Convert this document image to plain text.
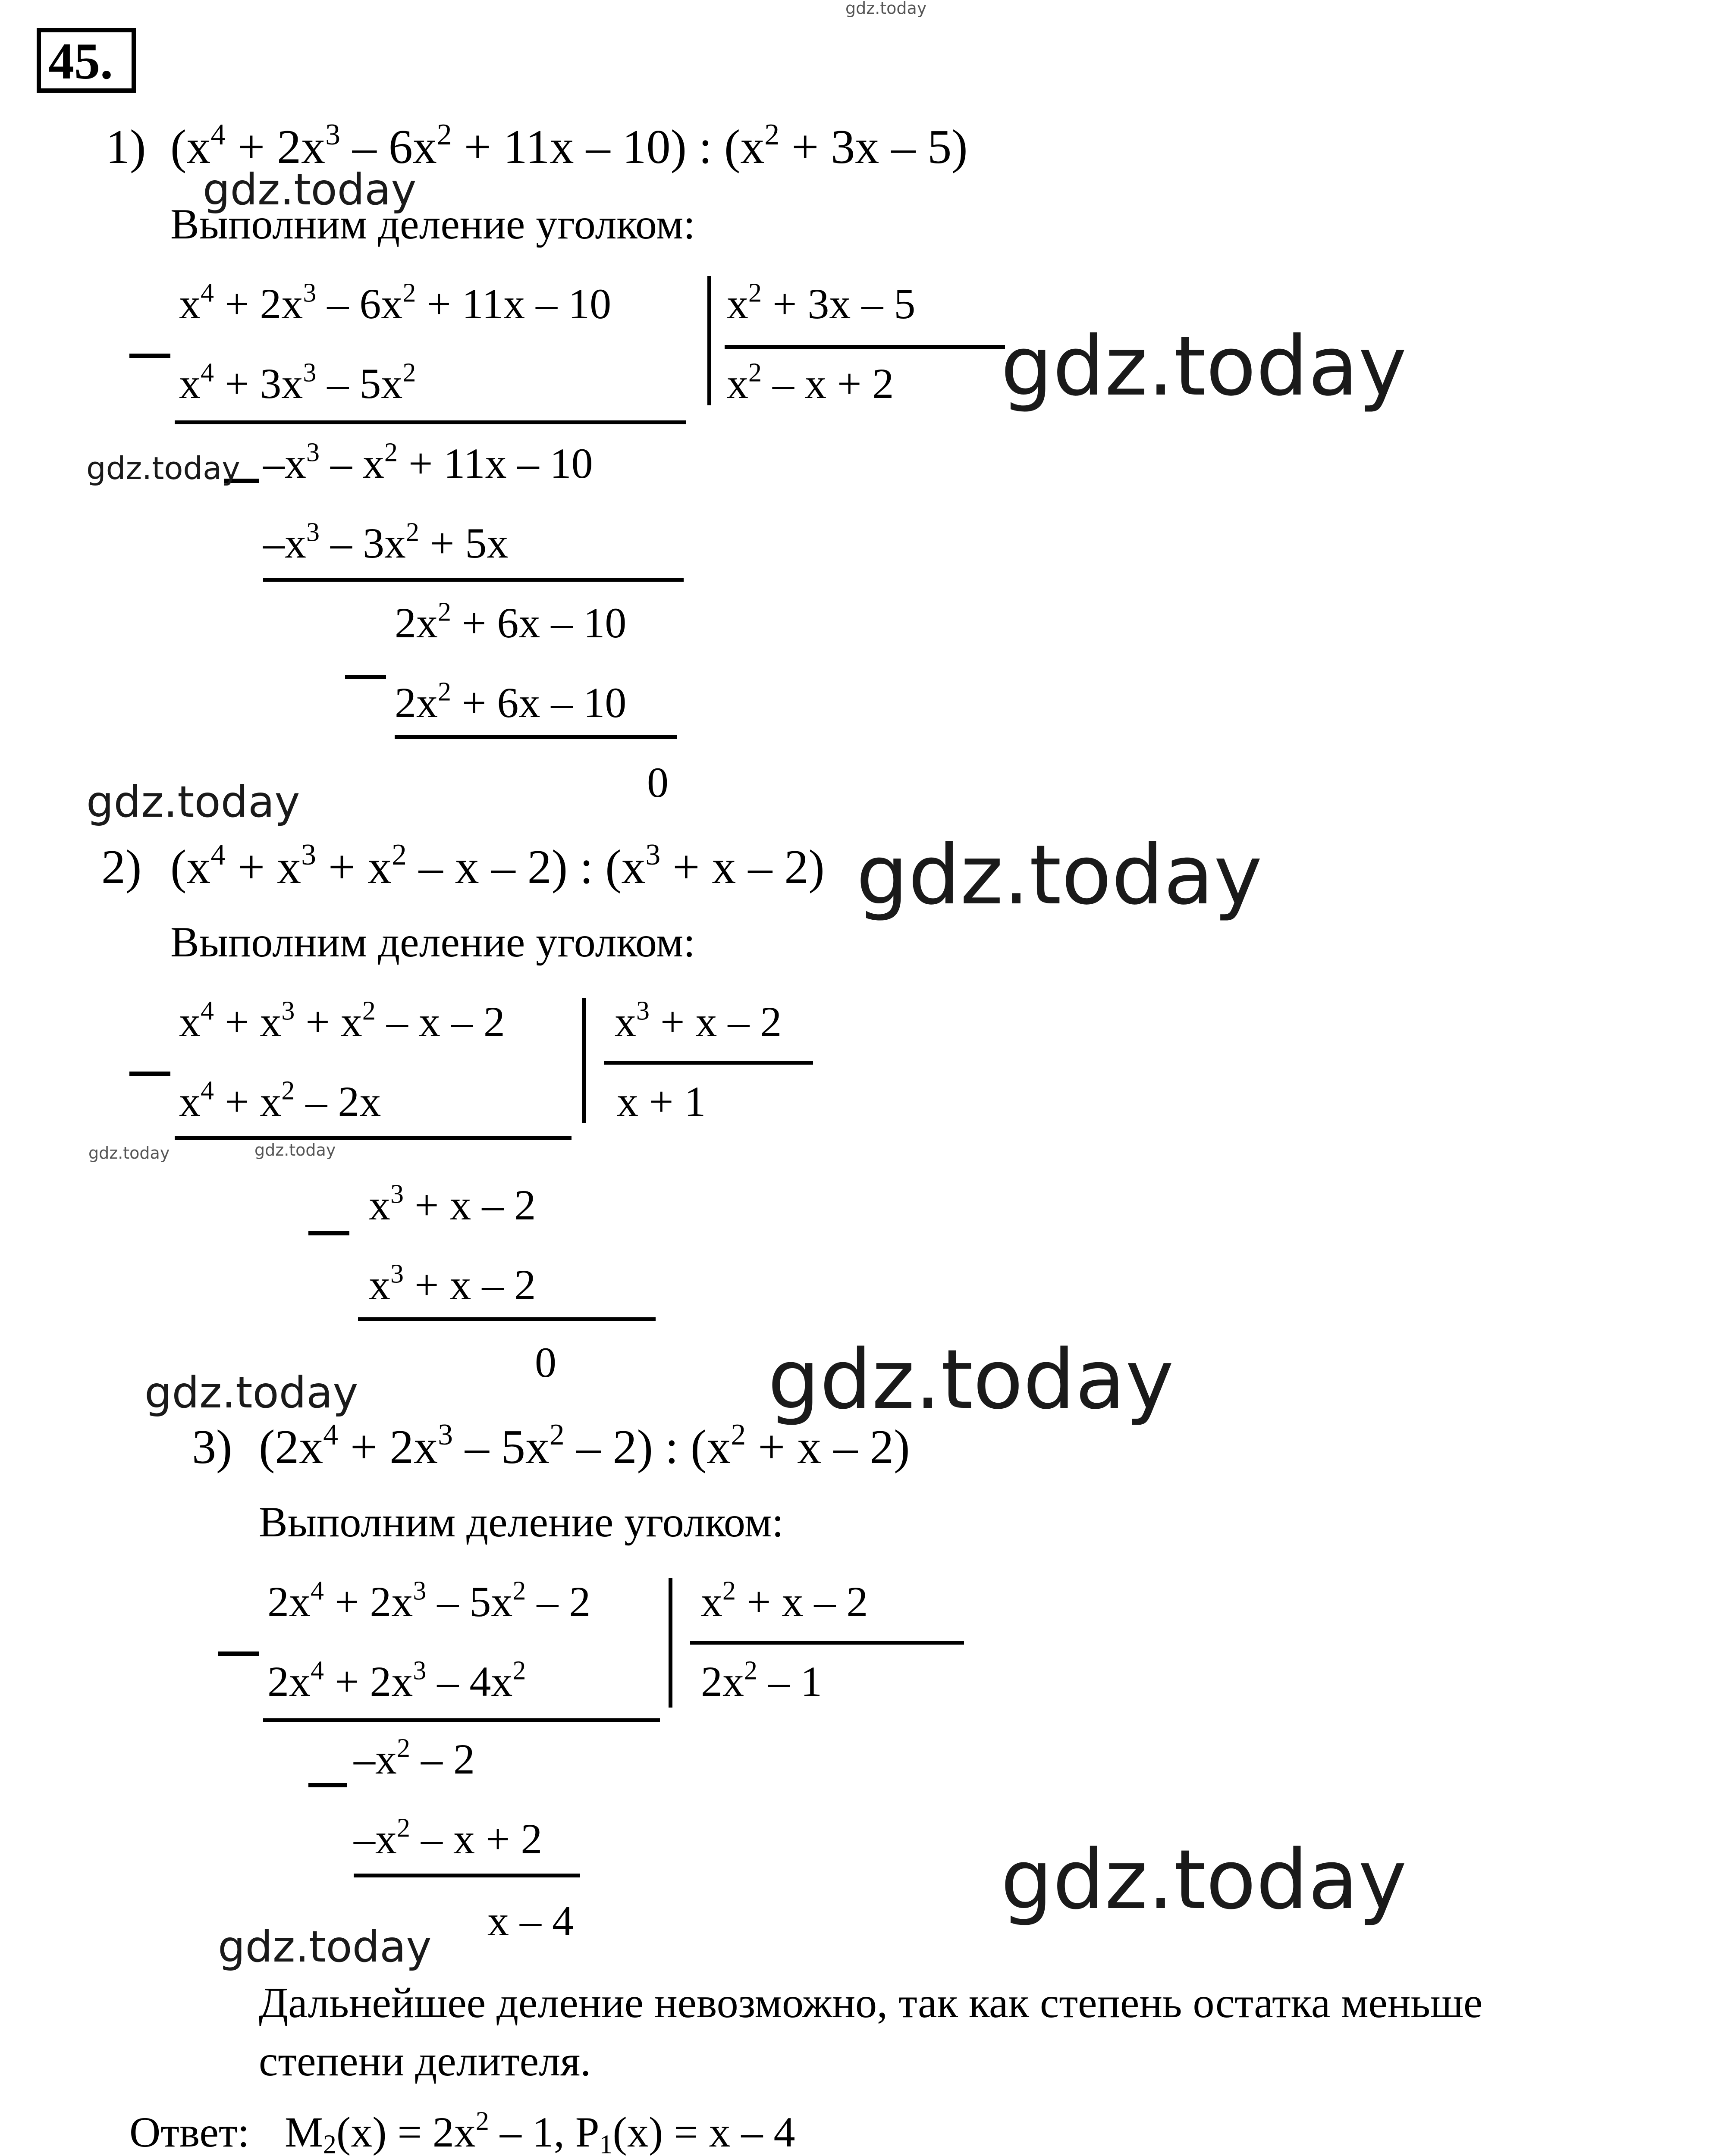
45.
1) $(x^4 + 2x^3 - 6x^2 + 11x - 10)$ : $(x^2 + 3x - 5)$
Выполним деление уголком:
$x^4 + 2x^3 - 6x^2 + 11x - 10$	$x^2 + 3x - 5$
$x^2 - x + 2$
$x^4 + 3x^3 - 5x^2$
$-x^3 - x^2 + 11x - 10$
$-x^3 - 3x^2 + 5x$
$2x^2 + 6x - 10$
$2x^2 + 6x - 10$
0
2) $(x^4 + x^3 + x^2 - x - 2)$ : $(x^3 + x - 2)$
Выполним деление уголком:
$x^4 + x^3 + x^2 - x - 2$	$x^3 + x - 2$
x + 1
$x^4 + x^2 - 2x$
$x^3 + x - 2$
$x^3 + x - 2$
0
3) $(2x^4 + 2x^3 - 5x^2 - 2)$ : $(x^2 + x - 2)$
Выполним деление уголком:
$2x^4 + 2x^3 - 5x^2 - 2$	$x^2 + x - 2$
$2x^2 - 1$
$2x^4 + 2x^3 - 4x^2$
$-x^2 - 2$
$-x^2 - x + 2$
x – 4
Дальнейшее деление невозможно, так как степень остатка меньше
степени делителя.
Ответ: $M_2(x) = 2x^2 - 1$, $P_1(x) = x - 4$
gdz.today
gdz.today
gdz.today
gdz.today
gdz.today
gdz.today
gdz.today	gdz.today
gdz.today	gdz.today
gdz.today
gdz.today
